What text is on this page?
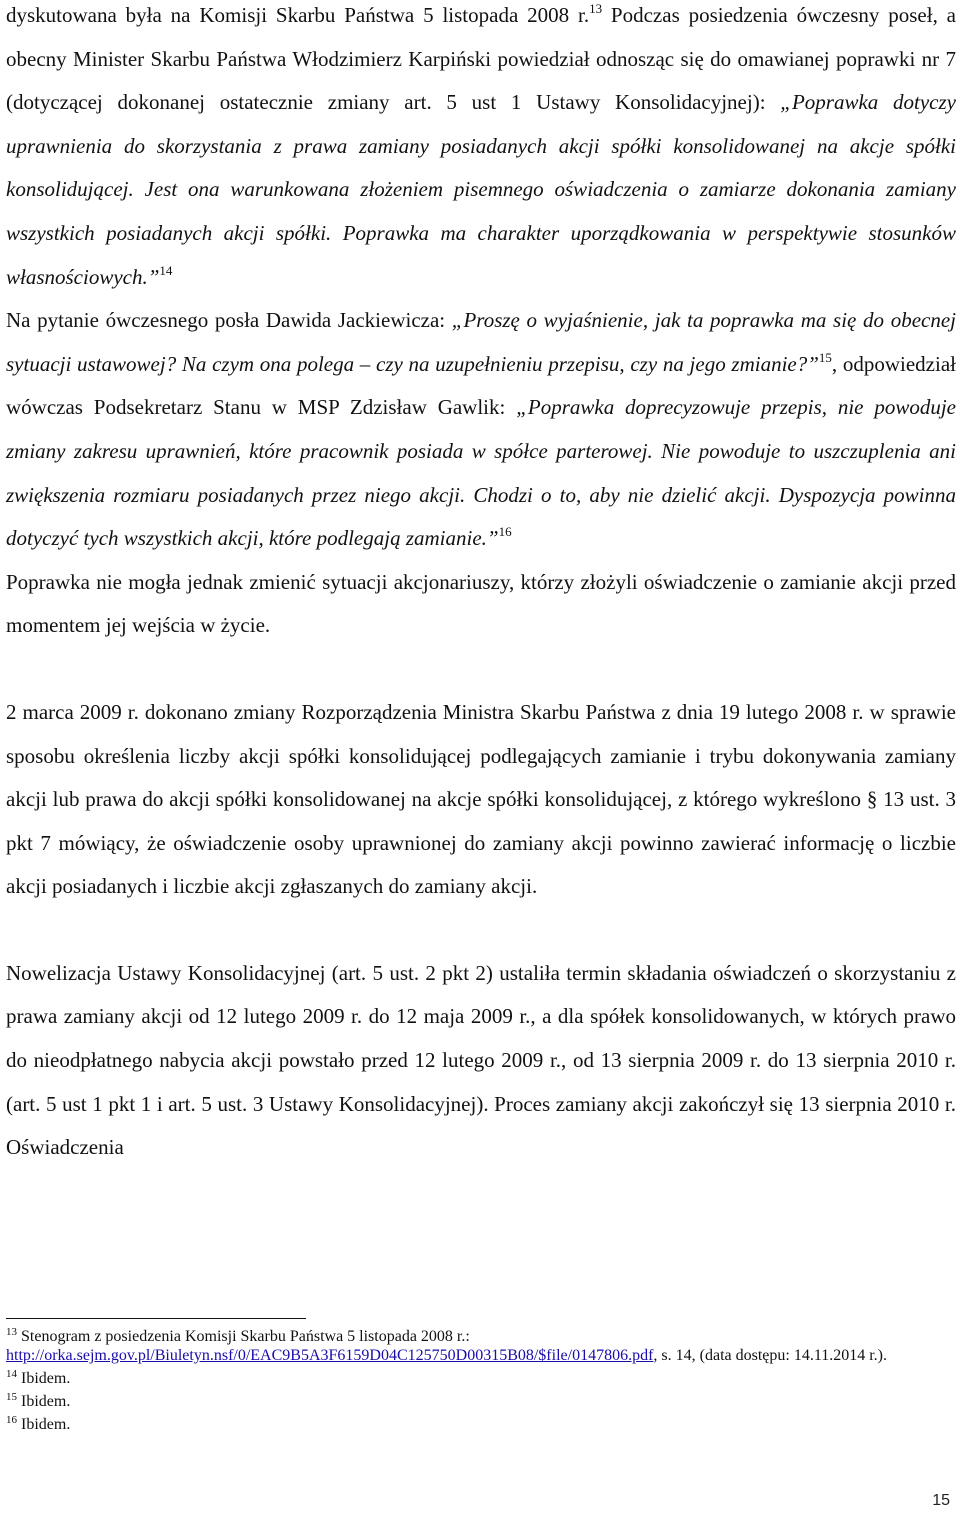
dyskutowana była na Komisji Skarbu Państwa 5 listopada 2008 r.$^{13}$ Podczas posiedzenia ówczesny poseł, a obecny Minister Skarbu Państwa Włodzimierz Karpiński powiedział odnosząc się do omawianej poprawki nr 7 (dotyczącej dokonanej ostatecznie zmiany art. 5 ust 1 Ustawy Konsolidacyjnej): „Poprawka dotyczy uprawnienia do skorzystania z prawa zamiany posiadanych akcji spółki konsolidowanej na akcje spółki konsolidującej. Jest ona warunkowana złożeniem pisemnego oświadczenia o zamiarze dokonania zamiany wszystkich posiadanych akcji spółki. Poprawka ma charakter uporządkowania w perspektywie stosunków własnościowych.”$^{14}$

Na pytanie ówczesnego posła Dawida Jackiewicza: „Proszę o wyjaśnienie, jak ta poprawka ma się do obecnej sytuacji ustawowej? Na czym ona polega – czy na uzupełnieniu przepisu, czy na jego zmianie?”$^{15}$, odpowiedział wówczas Podsekretarz Stanu w MSP Zdzisław Gawlik: „Poprawka doprecyzowuje przepis, nie powoduje zmiany zakresu uprawnień, które pracownik posiada w spółce parterowej. Nie powoduje to uszczuplenia ani zwiększenia rozmiaru posiadanych przez niego akcji. Chodzi o to, aby nie dzielić akcji. Dyspozycja powinna dotyczyć tych wszystkich akcji, które podlegają zamianie.”$^{16}$

Poprawka nie mogła jednak zmienić sytuacji akcjonariuszy, którzy złożyli oświadczenie o zamianie akcji przed momentem jej wejścia w życie.

2 marca 2009 r. dokonano zmiany Rozporządzenia Ministra Skarbu Państwa z dnia 19 lutego 2008 r. w sprawie sposobu określenia liczby akcji spółki konsolidującej podlegających zamianie i trybu dokonywania zamiany akcji lub prawa do akcji spółki konsolidowanej na akcje spółki konsolidującej, z którego wykreślono § 13 ust. 3 pkt 7 mówiący, że oświadczenie osoby uprawnionej do zamiany akcji powinno zawierać informację o liczbie akcji posiadanych i liczbie akcji zgłaszanych do zamiany akcji.

Nowelizacja Ustawy Konsolidacyjnej (art. 5 ust. 2 pkt 2) ustaliła termin składania oświadczeń o skorzystaniu z prawa zamiany akcji od 12 lutego 2009 r. do 12 maja 2009 r., a dla spółek konsolidowanych, w których prawo do nieodpłatnego nabycia akcji powstało przed 12 lutego 2009 r., od 13 sierpnia 2009 r. do 13 sierpnia 2010 r. (art. 5 ust 1 pkt 1 i art. 5 ust. 3 Ustawy Konsolidacyjnej). Proces zamiany akcji zakończył się 13 sierpnia 2010 r. Oświadczenia

$^{13}$ Stenogram z posiedzenia Komisji Skarbu Państwa 5 listopada 2008 r.:
http://orka.sejm.gov.pl/Biuletyn.nsf/0/EAC9B5A3F6159D04C125750D00315B08/$file/0147806.pdf, s. 14, (data dostępu: 14.11.2014 r.).

$^{14}$ Ibidem.

$^{15}$ Ibidem.

$^{16}$ Ibidem.

15
